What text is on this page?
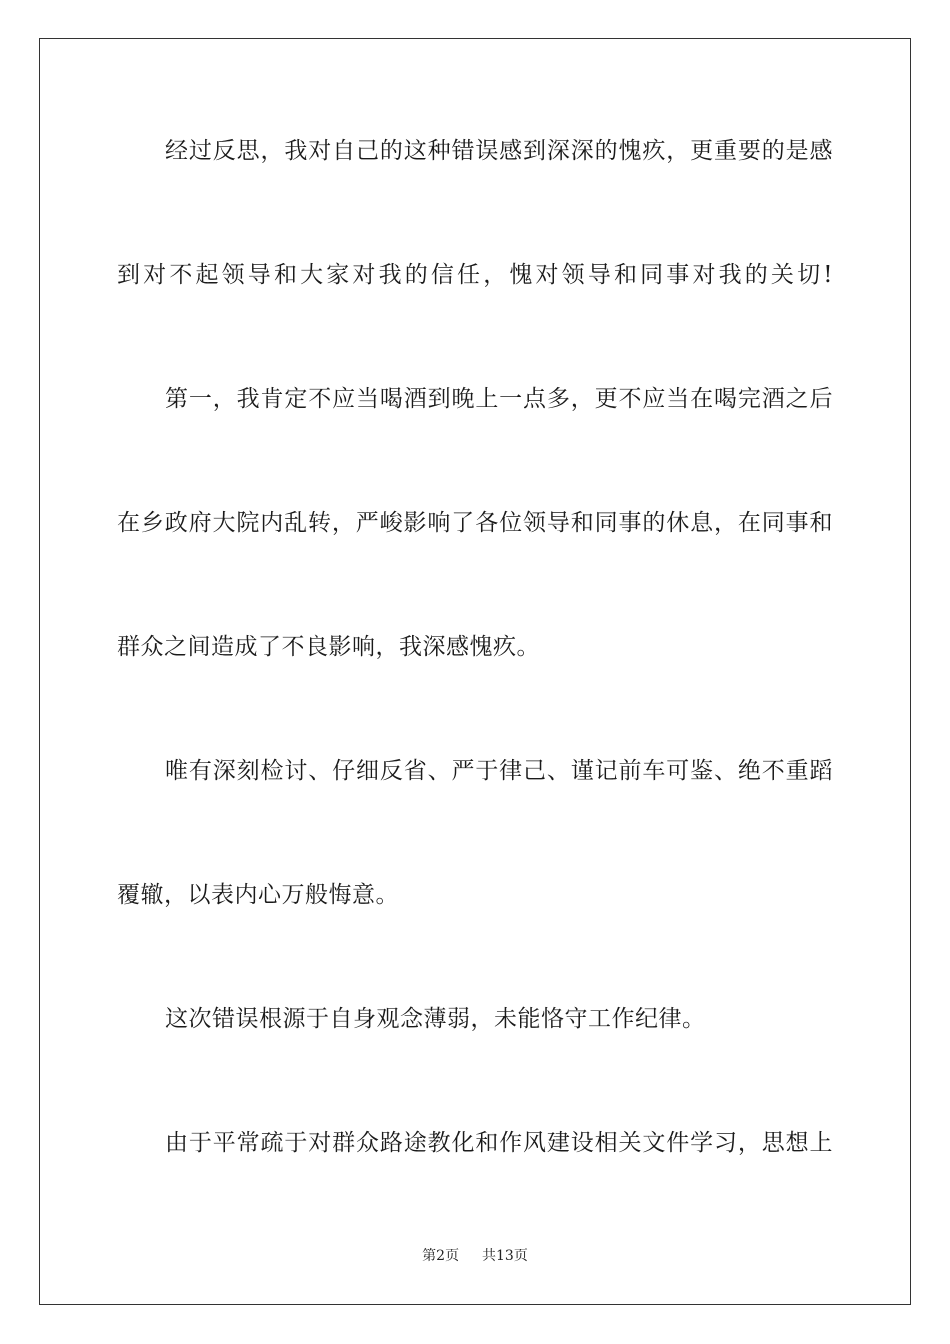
经过反思，我对自己的这种错误感到深深的愧疚，更重要的是感
到对不起领导和大家对我的信任，愧对领导和同事对我的关切!
第一，我肯定不应当喝酒到晚上一点多，更不应当在喝完酒之后
在乡政府大院内乱转，严峻影响了各位领导和同事的休息，在同事和
群众之间造成了不良影响，我深感愧疚。
唯有深刻检讨、仔细反省、严于律己、谨记前车可鉴、绝不重蹈
覆辙，以表内心万般悔意。
这次错误根源于自身观念薄弱，未能恪守工作纪律。
由于平常疏于对群众路途教化和作风建设相关文件学习，思想上
第2页 共13页
